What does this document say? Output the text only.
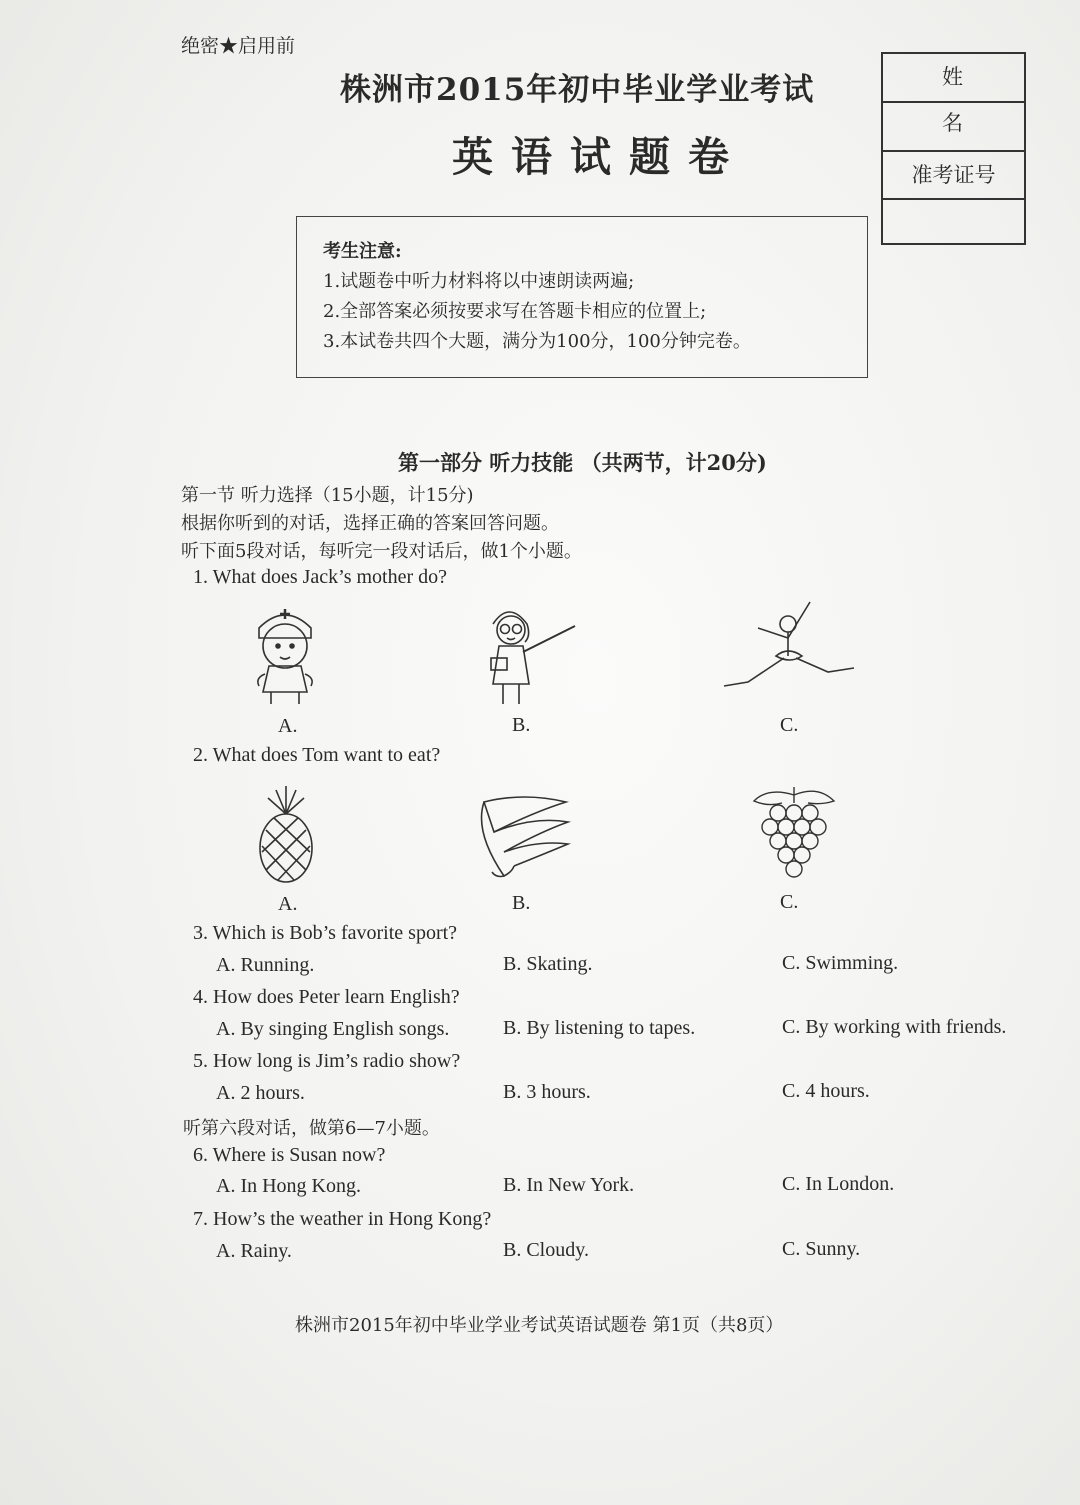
绝密★启用前
株洲市2015年初中毕业学业考试
英语试题卷
姓名
准考证号
考生注意:
1.试题卷中听力材料将以中速朗读两遍;
2.全部答案必须按要求写在答题卡相应的位置上;
3.本试卷共四个大题，满分为100分，100分钟完卷。
第一部分 听力技能 （共两节，计20分)
第一节 听力选择（15小题，计15分)
根据你听到的对话，选择正确的答案回答问题。
听下面5段对话，每听完一段对话后，做1个小题。
1. What does Jack’s mother do?
A.	B.	C.
2. What does Tom want to eat?
A.	B.	C.
3. Which is Bob’s favorite sport?
A. Running.	B. Skating.	C. Swimming.
4. How does Peter learn English?
A. By singing English songs.	B. By listening to tapes.	C. By working with friends.
5. How long is Jim’s radio show?
A. 2 hours.	B. 3 hours.	C. 4 hours.
听第六段对话，做第6—7小题。
6. Where is Susan now?
A. In Hong Kong.	B. In New York.	C. In London.
7. How’s the weather in Hong Kong?
A. Rainy.	B. Cloudy.	C. Sunny.
株洲市2015年初中毕业学业考试英语试题卷 第1页（共8页）
